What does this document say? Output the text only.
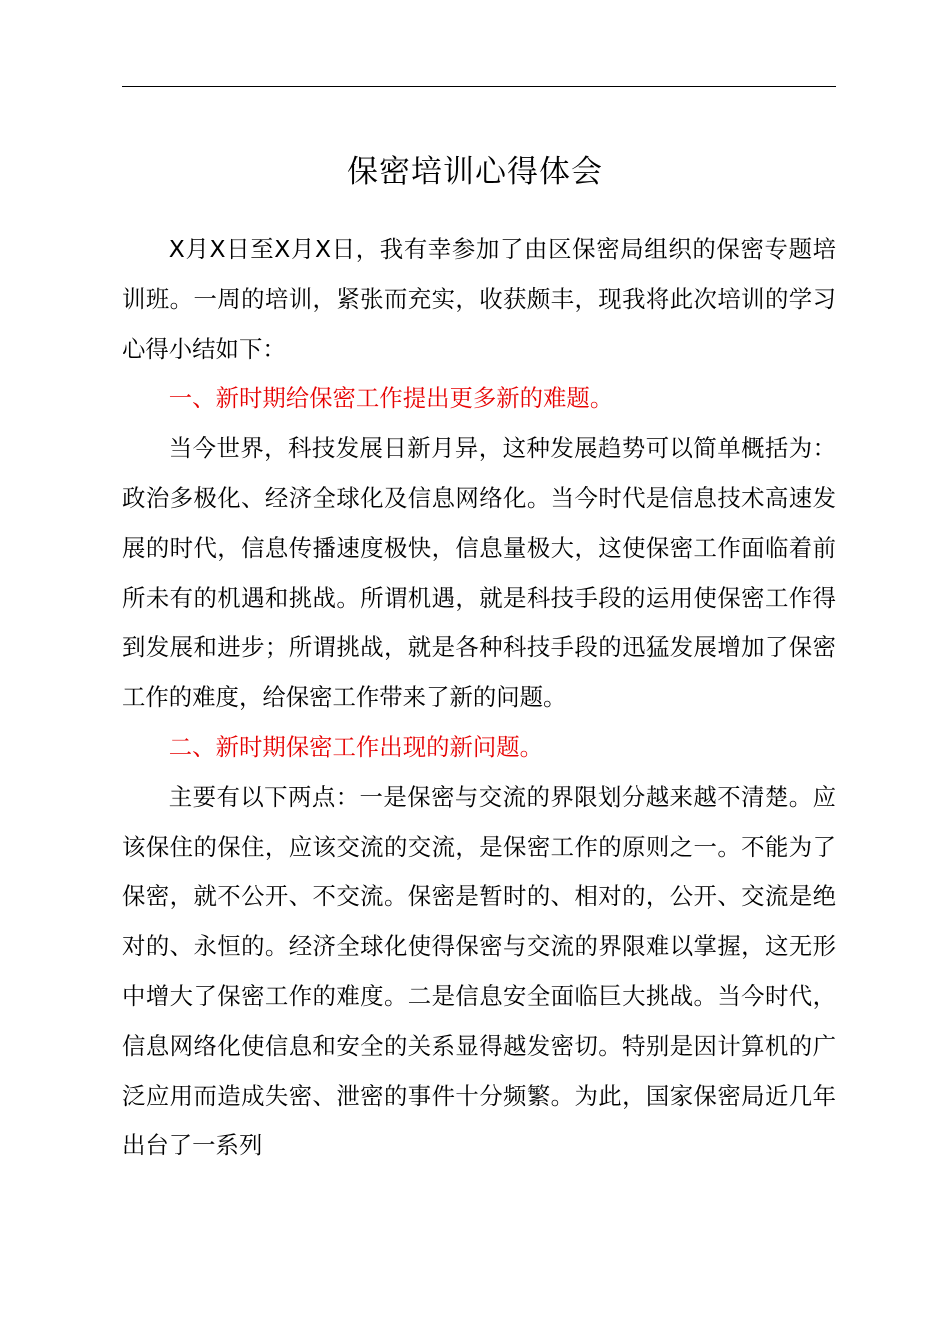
保密培训心得体会

X月X日至X月X日，我有幸参加了由区保密局组织的保密专题培训班。一周的培训，紧张而充实，收获颇丰，现我将此次培训的学习心得小结如下：

一、新时期给保密工作提出更多新的难题。

当今世界，科技发展日新月异，这种发展趋势可以简单概括为：政治多极化、经济全球化及信息网络化。当今时代是信息技术高速发展的时代，信息传播速度极快，信息量极大，这使保密工作面临着前所未有的机遇和挑战。所谓机遇，就是科技手段的运用使保密工作得到发展和进步；所谓挑战，就是各种科技手段的迅猛发展增加了保密工作的难度，给保密工作带来了新的问题。

二、新时期保密工作出现的新问题。

主要有以下两点：一是保密与交流的界限划分越来越不清楚。应该保住的保住，应该交流的交流，是保密工作的原则之一。不能为了保密，就不公开、不交流。保密是暂时的、相对的，公开、交流是绝对的、永恒的。经济全球化使得保密与交流的界限难以掌握，这无形中增大了保密工作的难度。二是信息安全面临巨大挑战。当今时代，信息网络化使信息和安全的关系显得越发密切。特别是因计算机的广泛应用而造成失密、泄密的事件十分频繁。为此，国家保密局近几年出台了一系列
